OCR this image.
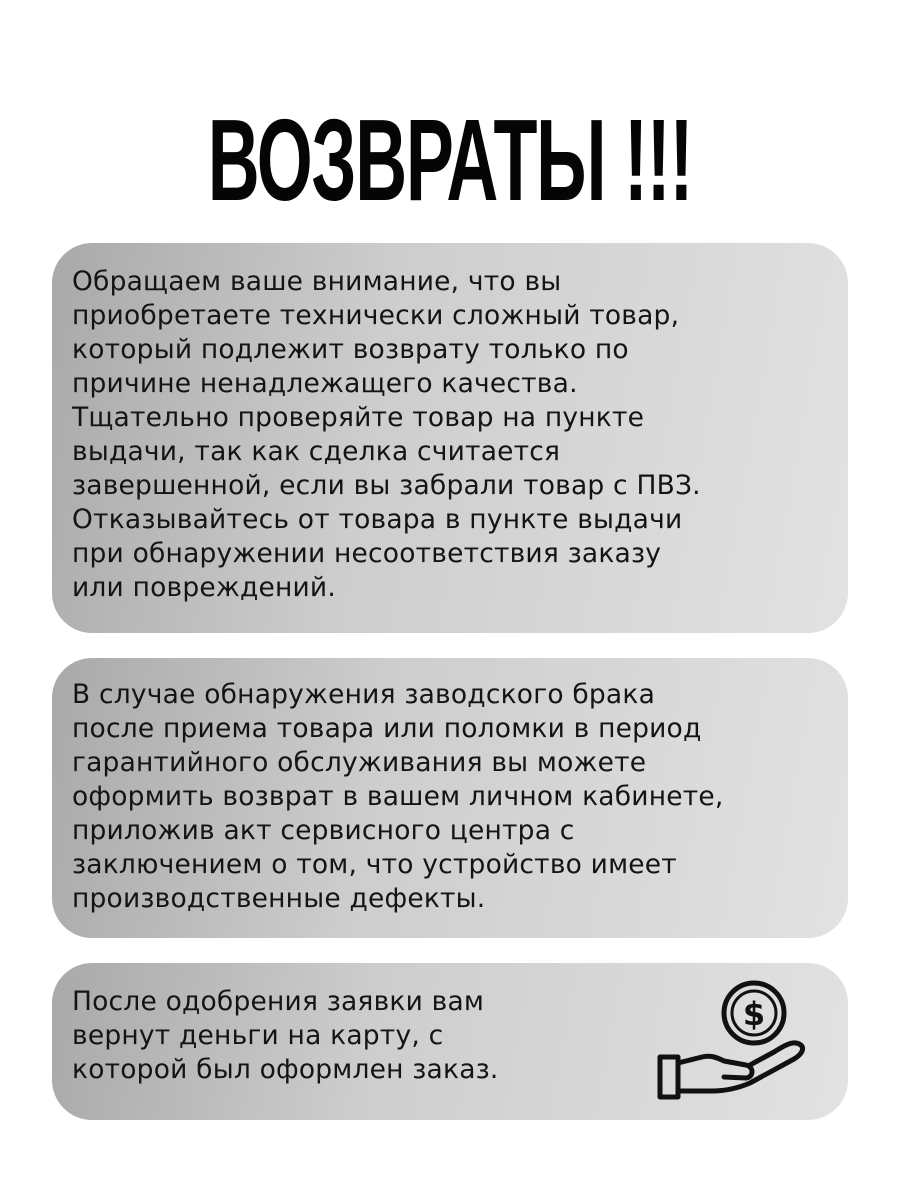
ВОЗВРАТЫ !!!

Обращаем ваше внимание, что вы
приобретаете технически сложный товар,
который подлежит возврату только по
причине ненадлежащего качества.
Тщательно проверяйте товар на пункте
выдачи, так как сделка считается
завершенной, если вы забрали товар с ПВЗ.
Отказывайтесь от товара в пункте выдачи
при обнаружении несоответствия заказу
или повреждений.

В случае обнаружения заводского брака
после приема товара или поломки в период
гарантийного обслуживания вы можете
оформить возврат в вашем личном кабинете,
приложив акт сервисного центра с
заключением о том, что устройство имеет
производственные дефекты.

После одобрения заявки вам
вернут деньги на карту, с
которой был оформлен заказ.

$
